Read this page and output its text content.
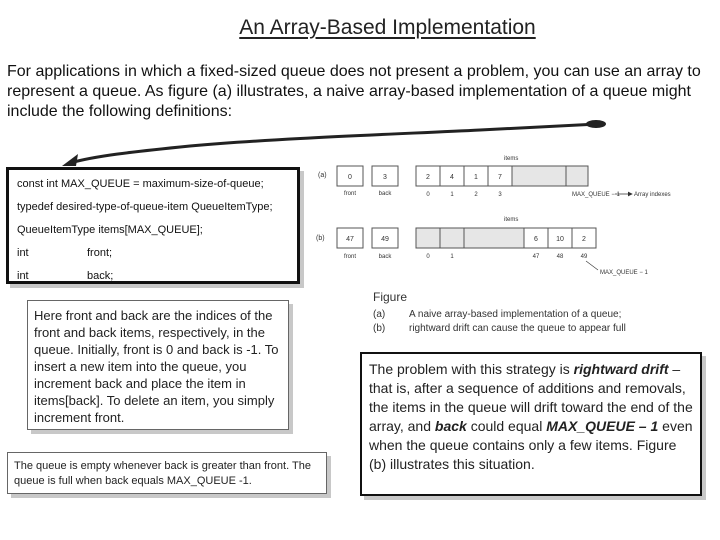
An Array-Based Implementation
For applications in which a fixed-sized queue does not present a problem, you can use an array to represent a queue. As figure (a) illustrates, a naive array-based implementation of a queue might include the following definitions:
const int MAX_QUEUE = maximum-size-of-queue;
typedef desired-type-of-queue-item QueueItemType;
QueueItemType items[MAX_QUEUE];
int	front;
int	back;
(a)
items
0	3
front	back
2	4	1	7
0	1	2	3	MAX_QUEUE − 1 Array indexes
(b)
items
47	49
front	back
6	10	2
0	1	47	48	49
MAX_QUEUE − 1
Figure
(a) A naive array-based implementation of a queue;
(b) rightward drift can cause the queue to appear full
Here front and back are the indices of the front and back items, respectively, in the queue. Initially, front is 0 and back is -1. To insert a new item into the queue, you increment back and place the item in items[back]. To delete an item, you simply increment front.
The queue is empty whenever back is greater than front. The queue is full when back equals MAX_QUEUE -1.
The problem with this strategy is rightward drift – that is, after a sequence of additions and removals, the items in the queue will drift toward the end of the array, and back could equal MAX_QUEUE – 1 even when the queue contains only a few items. Figure (b) illustrates this situation.
